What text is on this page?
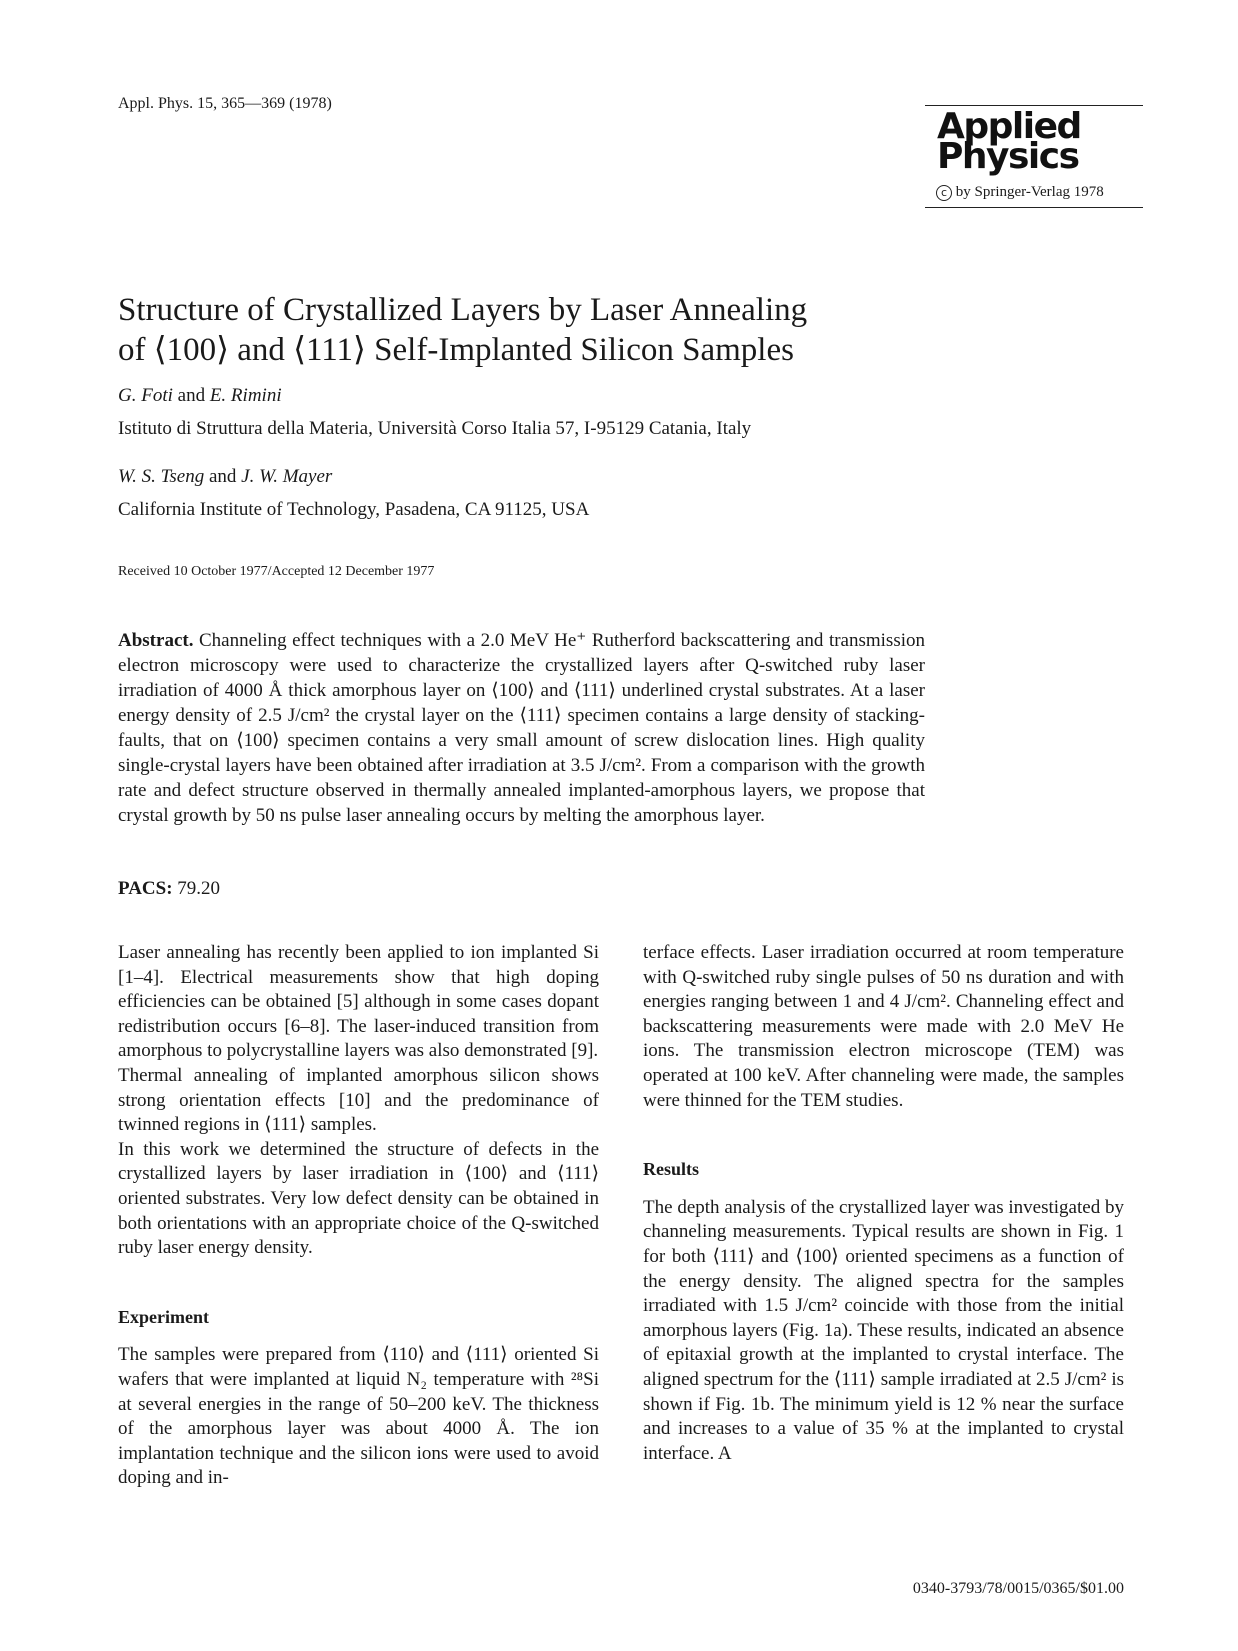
Appl. Phys. 15, 365—369 (1978)
Applied
Physics
c by Springer-Verlag 1978
Structure of Crystallized Layers by Laser Annealing
of ⟨100⟩ and ⟨111⟩ Self-Implanted Silicon Samples
G. Foti and E. Rimini
Istituto di Struttura della Materia, Università Corso Italia 57, I-95129 Catania, Italy
W. S. Tseng and J. W. Mayer
California Institute of Technology, Pasadena, CA 91125, USA
Received 10 October 1977/Accepted 12 December 1977
Abstract. Channeling effect techniques with a 2.0 MeV He⁺ Rutherford backscattering and transmission electron microscopy were used to characterize the crystallized layers after Q-switched ruby laser irradiation of 4000 Å thick amorphous layer on ⟨100⟩ and ⟨111⟩ underlined crystal substrates. At a laser energy density of 2.5 J/cm² the crystal layer on the ⟨111⟩ specimen contains a large density of stacking-faults, that on ⟨100⟩ specimen contains a very small amount of screw dislocation lines. High quality single-crystal layers have been obtained after irradiation at 3.5 J/cm². From a comparison with the growth rate and defect structure observed in thermally annealed implanted-amorphous layers, we propose that crystal growth by 50 ns pulse laser annealing occurs by melting the amorphous layer.
PACS: 79.20

Laser annealing has recently been applied to ion implanted Si [1–4]. Electrical measurements show that high doping efficiencies can be obtained [5] although in some cases dopant redistribution occurs [6–8]. The laser-induced transition from amorphous to polycrystalline layers was also demonstrated [9].

Thermal annealing of implanted amorphous silicon shows strong orientation effects [10] and the predominance of twinned regions in ⟨111⟩ samples.

In this work we determined the structure of defects in the crystallized layers by laser irradiation in ⟨100⟩ and ⟨111⟩ oriented substrates. Very low defect density can be obtained in both orientations with an appropriate choice of the Q-switched ruby laser energy density.

Experiment

The samples were prepared from ⟨110⟩ and ⟨111⟩ oriented Si wafers that were implanted at liquid N₂ temperature with ²⁸Si at several energies in the range of 50–200 keV. The thickness of the amorphous layer was about 4000 Å. The ion implantation technique and the silicon ions were used to avoid doping and in-

terface effects. Laser irradiation occurred at room temperature with Q-switched ruby single pulses of 50 ns duration and with energies ranging between 1 and 4 J/cm². Channeling effect and backscattering measurements were made with 2.0 MeV He ions. The transmission electron microscope (TEM) was operated at 100 keV. After channeling were made, the samples were thinned for the TEM studies.

Results

The depth analysis of the crystallized layer was investigated by channeling measurements. Typical results are shown in Fig. 1 for both ⟨111⟩ and ⟨100⟩ oriented specimens as a function of the energy density. The aligned spectra for the samples irradiated with 1.5 J/cm² coincide with those from the initial amorphous layers (Fig. 1a). These results, indicated an absence of epitaxial growth at the implanted to crystal interface. The aligned spectrum for the ⟨111⟩ sample irradiated at 2.5 J/cm² is shown if Fig. 1b. The minimum yield is 12 % near the surface and increases to a value of 35 % at the implanted to crystal interface. A

0340-3793/78/0015/0365/$01.00
